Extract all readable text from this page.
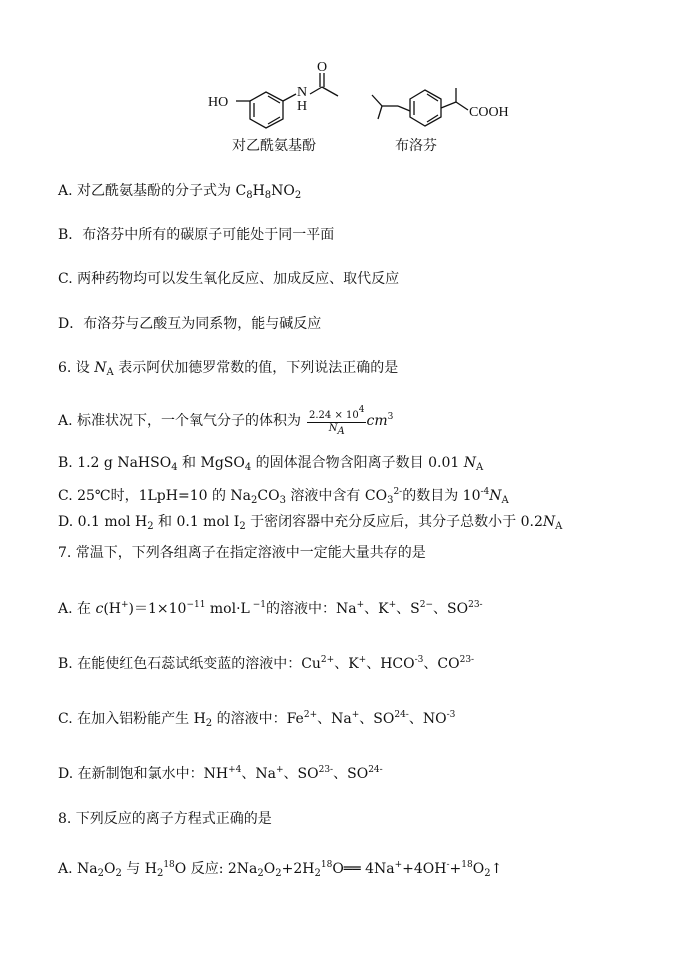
HO
N
H
O
COOH
对乙酰氨基酚	布洛芬
A. 对乙酰氨基酚的分子式为 $C_8H_8NO_2$
B．布洛芬中所有的碳原子可能处于同一平面
C. 两种药物均可以发生氧化反应、加成反应、取代反应
D．布洛芬与乙酸互为同系物，能与碱反应
6. 设 $N_A$ 表示阿伏加德罗常数的值，下列说法正确的是
A. 标准状况下，一个氧气分子的体积为 $\frac{2.24 \times 10^4}{N_A} cm^3$
B. 1.2 g NaHSO$_4$ 和 MgSO$_4$ 的固体混合物含阳离子数目 0.01 $N_A$
C. 25℃时，1LpH=10 的 $Na_2CO_3$ 溶液中含有 $CO_3^{2-}$的数目为 $10^{-4}N_A$
D. 0.1 mol $H_2$ 和 0.1 mol $I_2$ 于密闭容器中充分反应后，其分子总数小于 $0.2N_A$
7. 常温下，下列各组离子在指定溶液中一定能大量共存的是
A. 在 $c(H^+)=1\times 10^{-11}$ mol·L $^{-1}$的溶液中：Na+、K+、$S^{2-}$、$SO^{23-}$
B. 在能使红色石蕊试纸变蓝的溶液中：$Cu^{2+}$、K+、$HCO^{-3}$、$CO^{23-}$
C. 在加入铝粉能产生 $H_2$ 的溶液中：$Fe^{2+}$、Na+、$SO^{24-}$、$NO^{-3}$
D. 在新制饱和氯水中：$NH^{+4}$、Na+、$SO^{23-}$、$SO^{24-}$
8. 下列反应的离子方程式正确的是
A. $Na_2O_2$ 与 $H_2^{18}O$ 反应: $2Na_2O_2+2H_2^{18}O══$ $4Na^++4OH^-+^{18}O_2↑$
